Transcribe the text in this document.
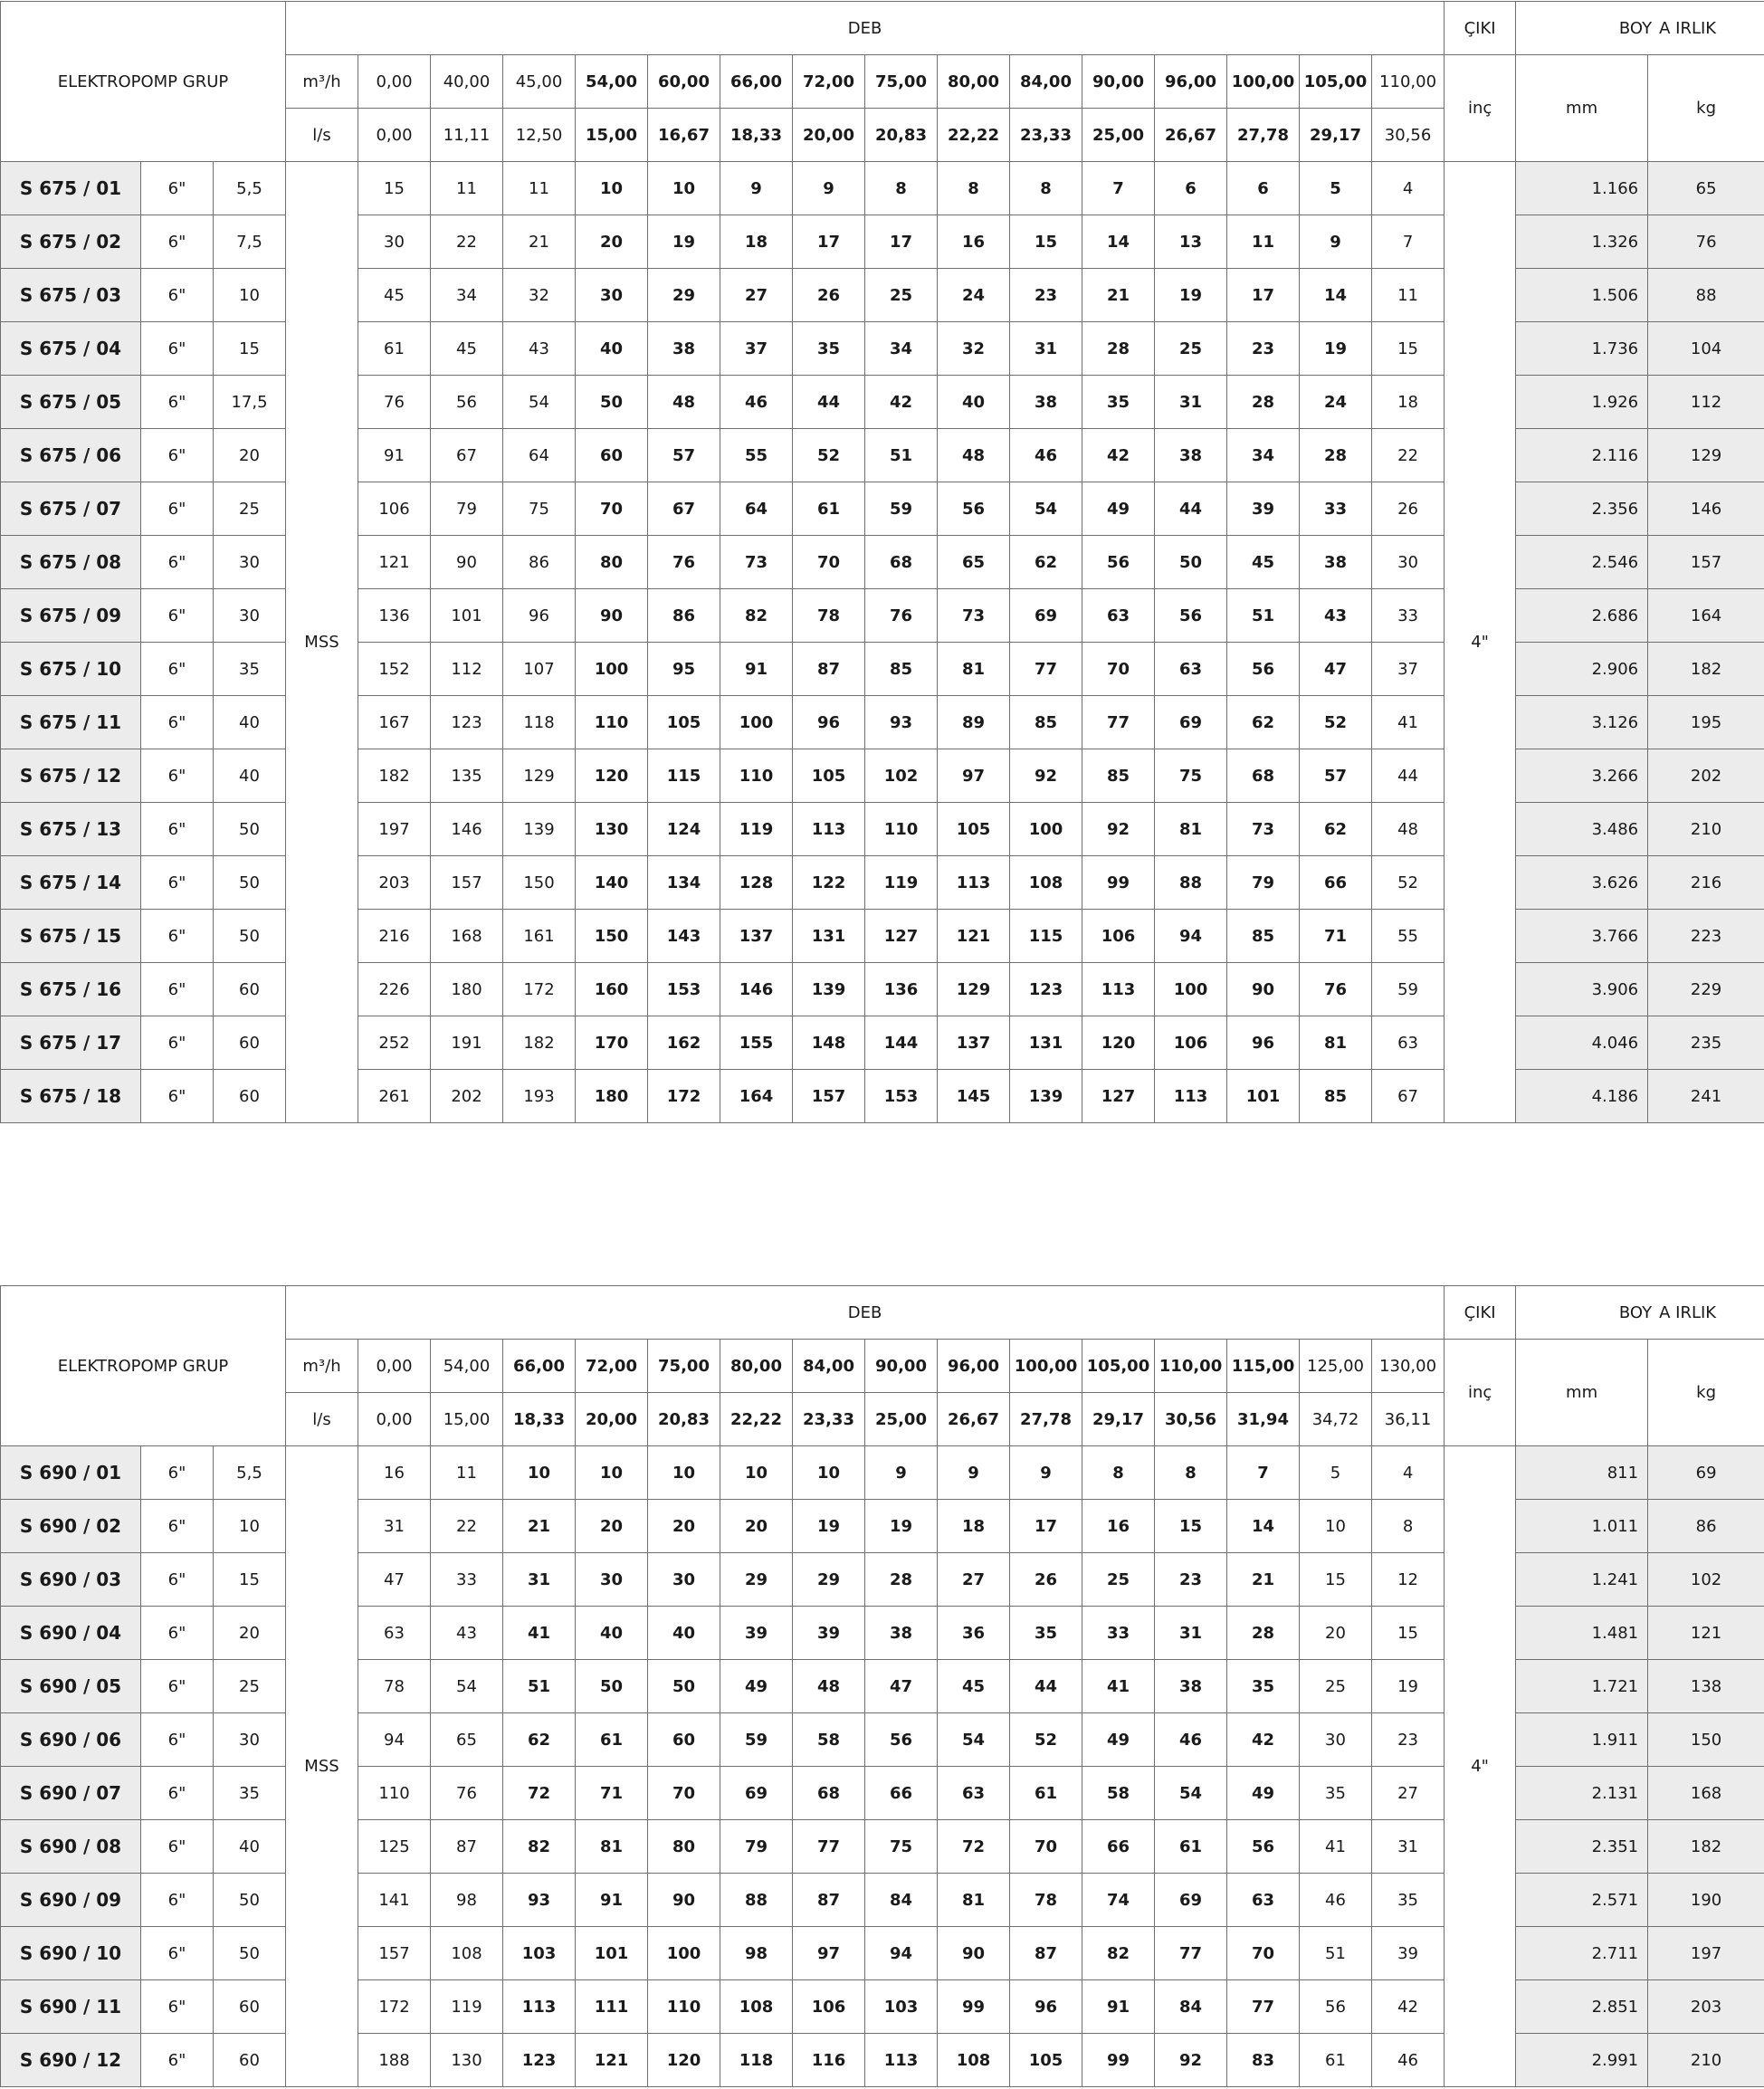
ELEKTROPOMP GRUP			DEB																ÇIKI		BOY A IRLIK	
			m³/h	0,00	40,00	45,00	54,00	60,00	66,00	72,00	75,00	80,00	84,00	90,00	96,00	100,00	105,00	110,00	inç	mm	kg
			l/s	0,00	11,11	12,50	15,00	16,67	18,33	20,00	20,83	22,22	23,33	25,00	26,67	27,78	29,17	30,56			
S 675 / 01	6"	5,5	MSS	15	11	11	10	10	9	9	8	8	8	7	6	6	5	4	4"	1.166	65
S 675 / 02	6"	7,5		30	22	21	20	19	18	17	17	16	15	14	13	11	9	7		1.326	76
S 675 / 03	6"	10		45	34	32	30	29	27	26	25	24	23	21	19	17	14	11		1.506	88
S 675 / 04	6"	15		61	45	43	40	38	37	35	34	32	31	28	25	23	19	15		1.736	104
S 675 / 05	6"	17,5		76	56	54	50	48	46	44	42	40	38	35	31	28	24	18		1.926	112
S 675 / 06	6"	20		91	67	64	60	57	55	52	51	48	46	42	38	34	28	22		2.116	129
S 675 / 07	6"	25		106	79	75	70	67	64	61	59	56	54	49	44	39	33	26		2.356	146
S 675 / 08	6"	30		121	90	86	80	76	73	70	68	65	62	56	50	45	38	30		2.546	157
S 675 / 09	6"	30		136	101	96	90	86	82	78	76	73	69	63	56	51	43	33		2.686	164
S 675 / 10	6"	35		152	112	107	100	95	91	87	85	81	77	70	63	56	47	37		2.906	182
S 675 / 11	6"	40		167	123	118	110	105	100	96	93	89	85	77	69	62	52	41		3.126	195
S 675 / 12	6"	40		182	135	129	120	115	110	105	102	97	92	85	75	68	57	44		3.266	202
S 675 / 13	6"	50		197	146	139	130	124	119	113	110	105	100	92	81	73	62	48		3.486	210
S 675 / 14	6"	50		203	157	150	140	134	128	122	119	113	108	99	88	79	66	52		3.626	216
S 675 / 15	6"	50		216	168	161	150	143	137	131	127	121	115	106	94	85	71	55		3.766	223
S 675 / 16	6"	60		226	180	172	160	153	146	139	136	129	123	113	100	90	76	59		3.906	229
S 675 / 17	6"	60		252	191	182	170	162	155	148	144	137	131	120	106	96	81	63		4.046	235
S 675 / 18	6"	60		261	202	193	180	172	164	157	153	145	139	127	113	101	85	67		4.186	241
ELEKTROPOMP GRUP			DEB																ÇIKI		BOY A IRLIK	
			m³/h	0,00	54,00	66,00	72,00	75,00	80,00	84,00	90,00	96,00	100,00	105,00	110,00	115,00	125,00	130,00	inç	mm	kg
			l/s	0,00	15,00	18,33	20,00	20,83	22,22	23,33	25,00	26,67	27,78	29,17	30,56	31,94	34,72	36,11			
S 690 / 01	6"	5,5	MSS	16	11	10	10	10	10	10	9	9	9	8	8	7	5	4	4"	811	69
S 690 / 02	6"	10		31	22	21	20	20	20	19	19	18	17	16	15	14	10	8		1.011	86
S 690 / 03	6"	15		47	33	31	30	30	29	29	28	27	26	25	23	21	15	12		1.241	102
S 690 / 04	6"	20		63	43	41	40	40	39	39	38	36	35	33	31	28	20	15		1.481	121
S 690 / 05	6"	25		78	54	51	50	50	49	48	47	45	44	41	38	35	25	19		1.721	138
S 690 / 06	6"	30		94	65	62	61	60	59	58	56	54	52	49	46	42	30	23		1.911	150
S 690 / 07	6"	35		110	76	72	71	70	69	68	66	63	61	58	54	49	35	27		2.131	168
S 690 / 08	6"	40		125	87	82	81	80	79	77	75	72	70	66	61	56	41	31		2.351	182
S 690 / 09	6"	50		141	98	93	91	90	88	87	84	81	78	74	69	63	46	35		2.571	190
S 690 / 10	6"	50		157	108	103	101	100	98	97	94	90	87	82	77	70	51	39		2.711	197
S 690 / 11	6"	60		172	119	113	111	110	108	106	103	99	96	91	84	77	56	42		2.851	203
S 690 / 12	6"	60		188	130	123	121	120	118	116	113	108	105	99	92	83	61	46		2.991	210
